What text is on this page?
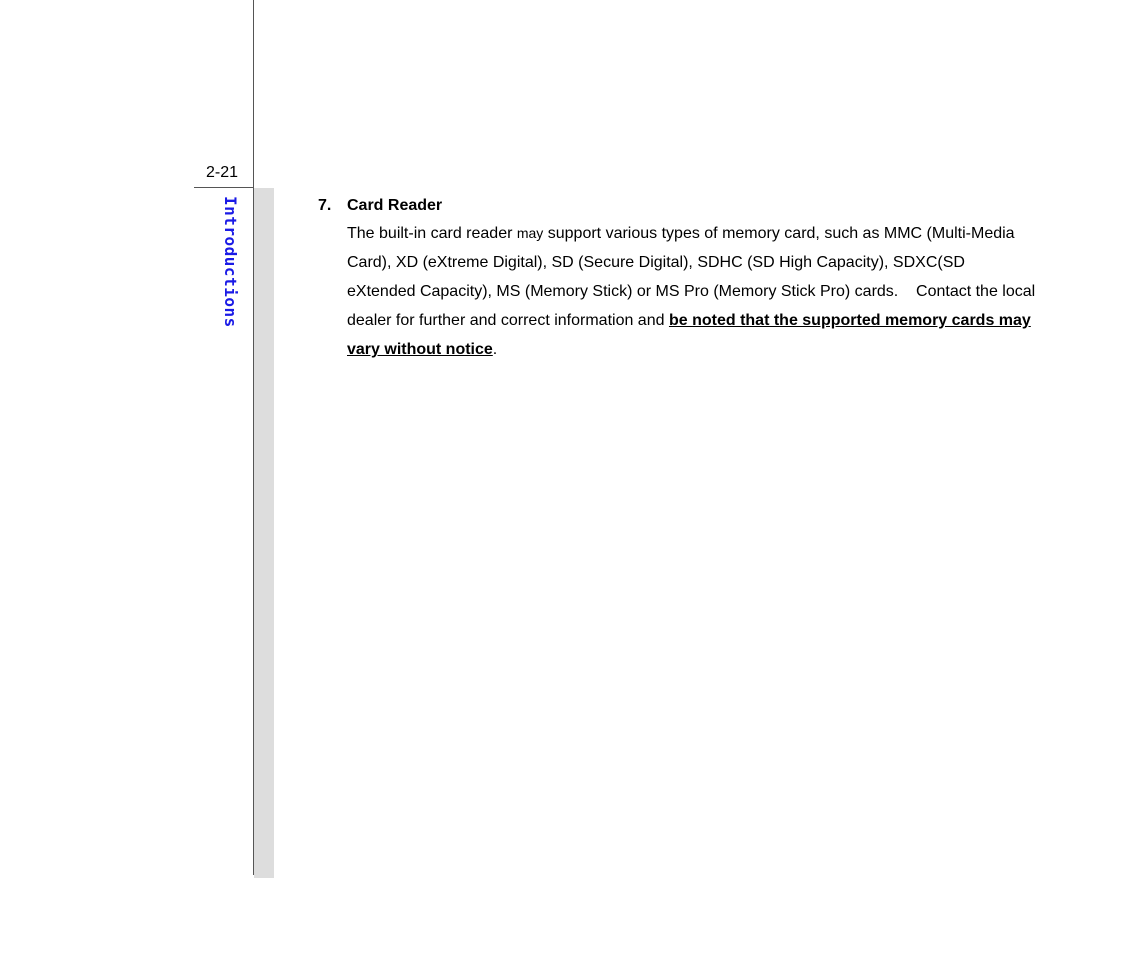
2-21
Introductions	7. Card Reader

The built-in card reader may support various types of memory card, such as MMC (Multi-Media Card), XD (eXtreme Digital), SD (Secure Digital), SDHC (SD High Capacity), SDXC(SD eXtended Capacity), MS (Memory Stick) or MS Pro (Memory Stick Pro) cards.    Contact the local dealer for further and correct information and be noted that the supported memory cards may vary without notice.
